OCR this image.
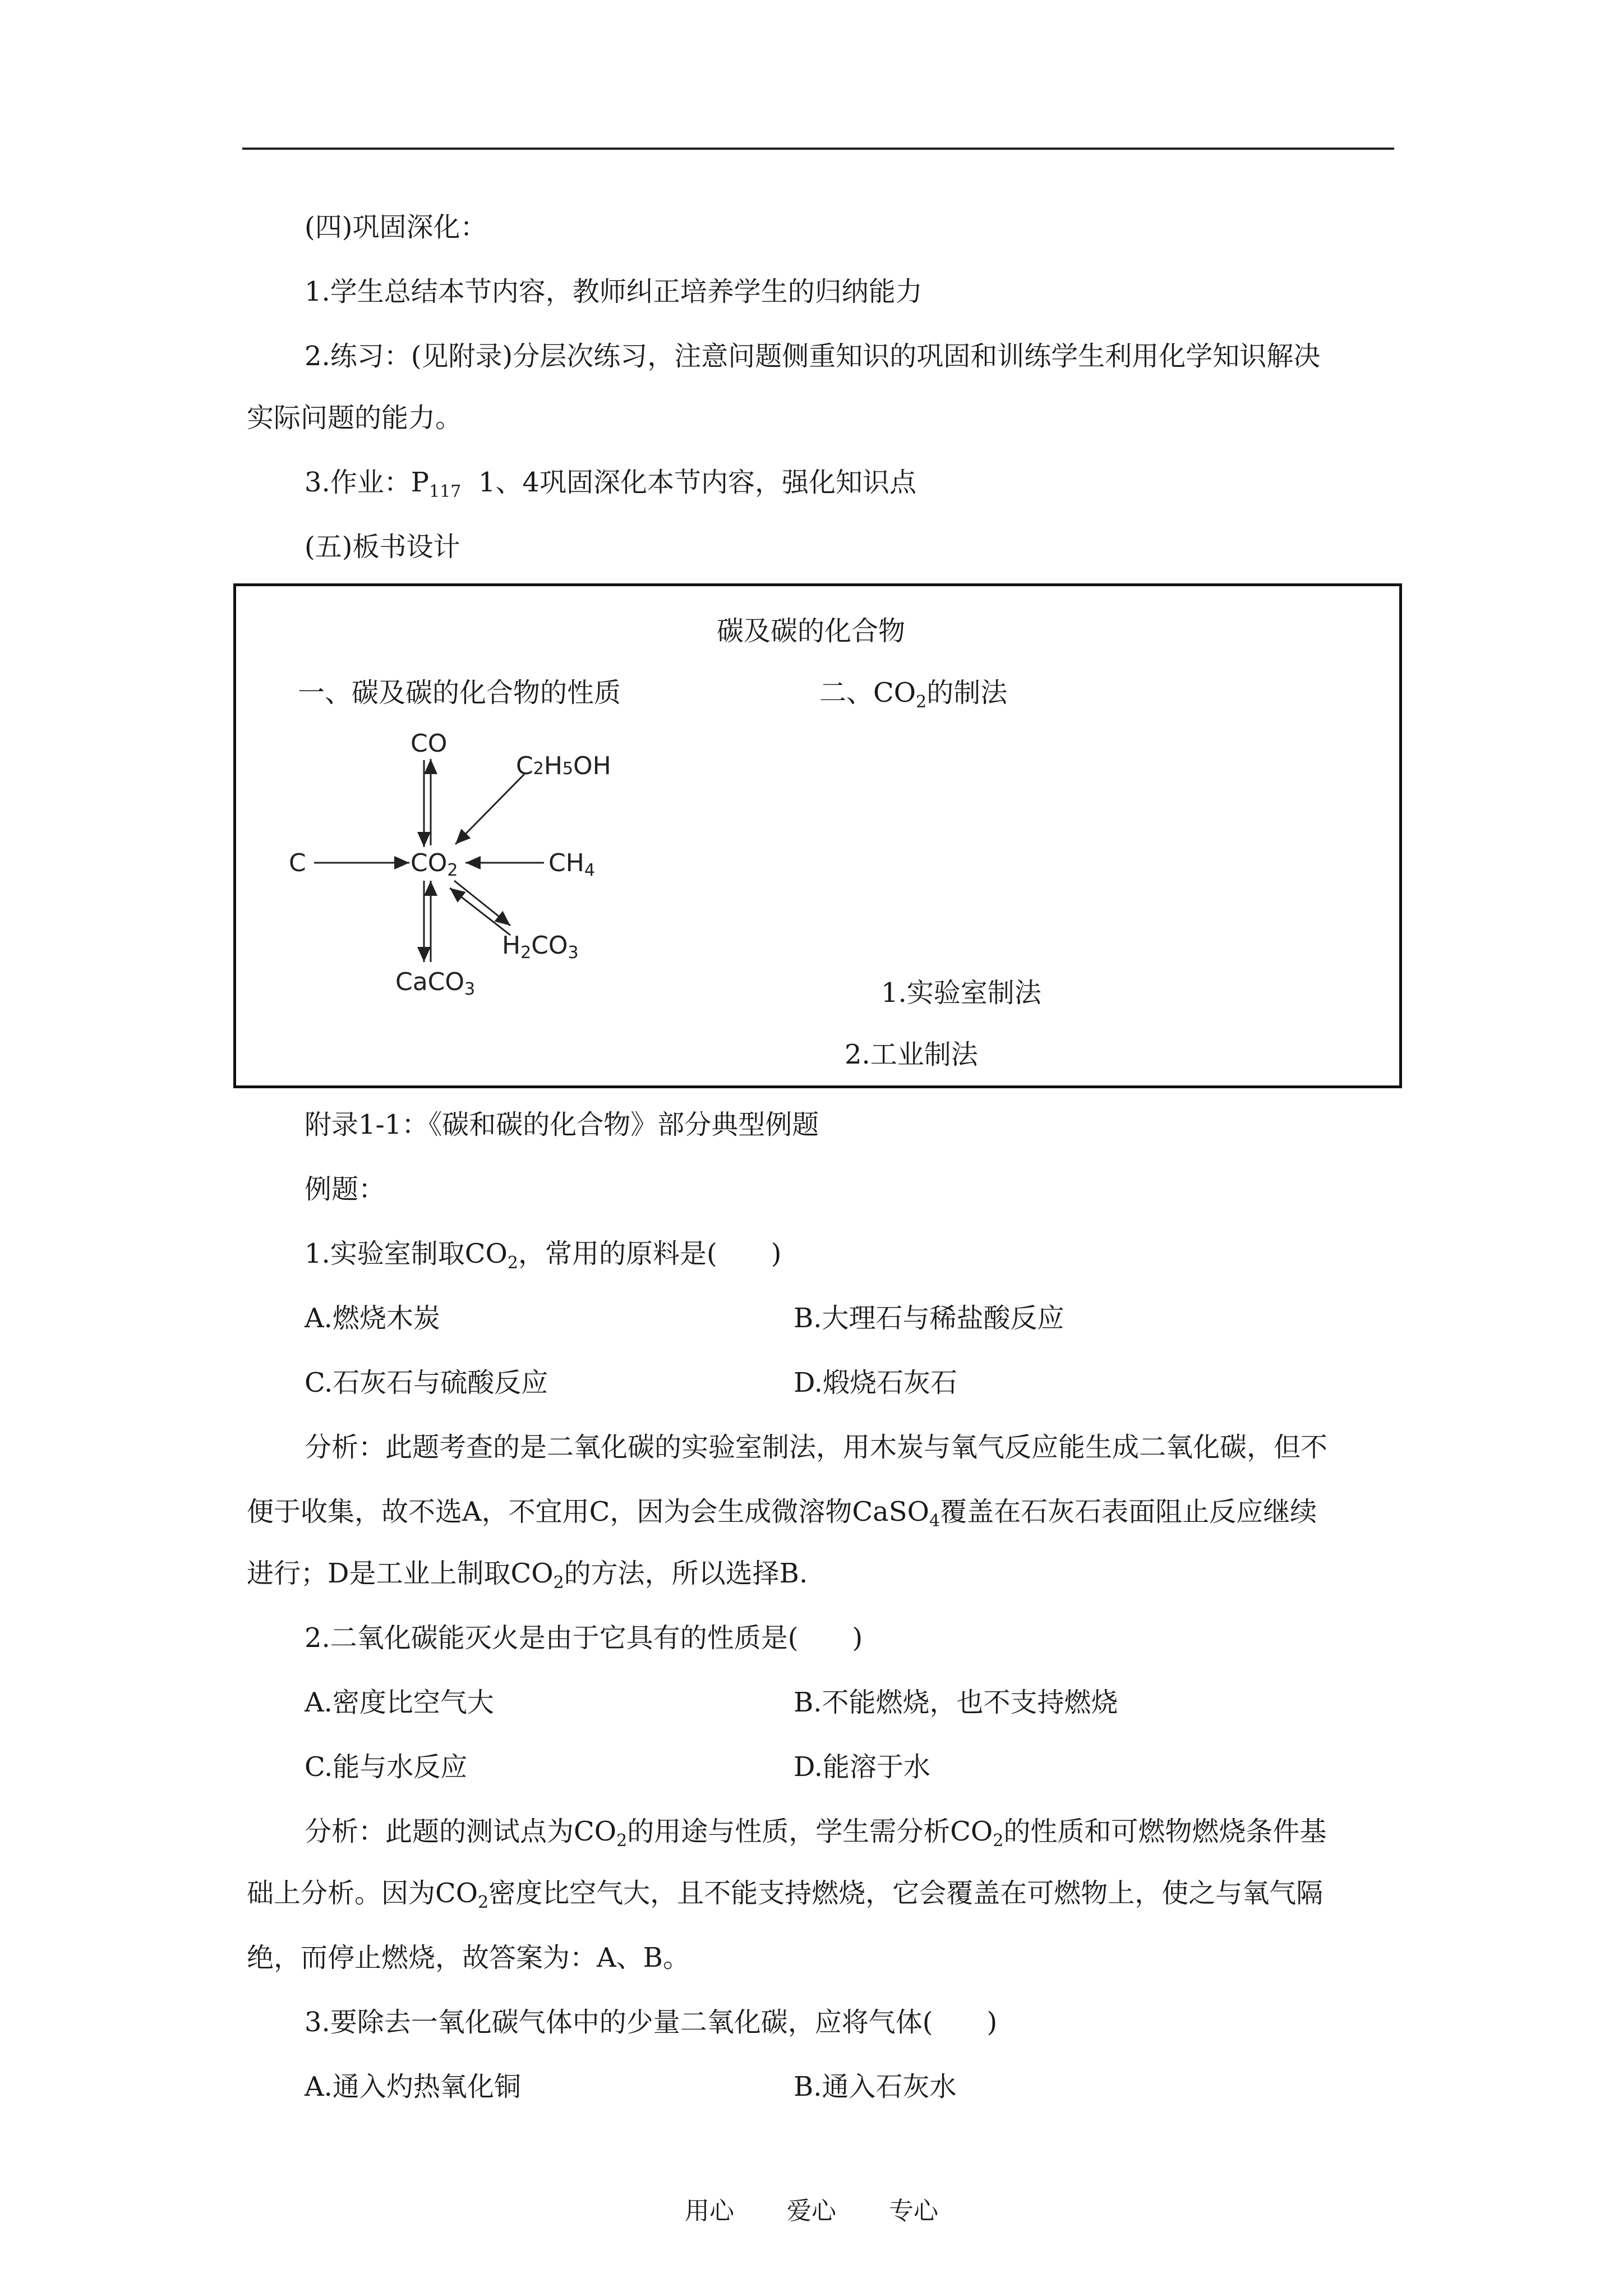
(四)巩固深化：
1.学生总结本节内容，教师纠正培养学生的归纳能力
2.练习：(见附录)分层次练习，注意问题侧重知识的巩固和训练学生利用化学知识解决
实际问题的能力。
3.作业：$P_{117}$  1、4巩固深化本节内容，强化知识点
(五)板书设计
碳及碳的化合物
一、碳及碳的化合物的性质	二、$CO_2$的制法
1.实验室制法
2.工业制法
CO
C	CO2
C2H5OH
CH4
H2CO3
CaCO3
附录1-1：《碳和碳的化合物》部分典型例题
例题：
1.实验室制取$CO_2$，常用的原料是(　　)
A.燃烧木炭	B.大理石与稀盐酸反应
C.石灰石与硫酸反应	D.煅烧石灰石
分析：此题考查的是二氧化碳的实验室制法，用木炭与氧气反应能生成二氧化碳，但不
便于收集，故不选A，不宜用C，因为会生成微溶物CaSO$_4$覆盖在石灰石表面阻止反应继续
进行；D是工业上制取$CO_2$的方法，所以选择B.
2.二氧化碳能灭火是由于它具有的性质是(　　)
A.密度比空气大	B.不能燃烧，也不支持燃烧
C.能与水反应	D.能溶于水
分析：此题的测试点为$CO_2$的用途与性质，学生需分析$CO_2$的性质和可燃物燃烧条件基
础上分析。因为$CO_2$密度比空气大，且不能支持燃烧，它会覆盖在可燃物上，使之与氧气隔
绝，而停止燃烧，故答案为：A、B。
3.要除去一氧化碳气体中的少量二氧化碳，应将气体(　　)
A.通入灼热氧化铜	B.通入石灰水
用心 爱心 专心
